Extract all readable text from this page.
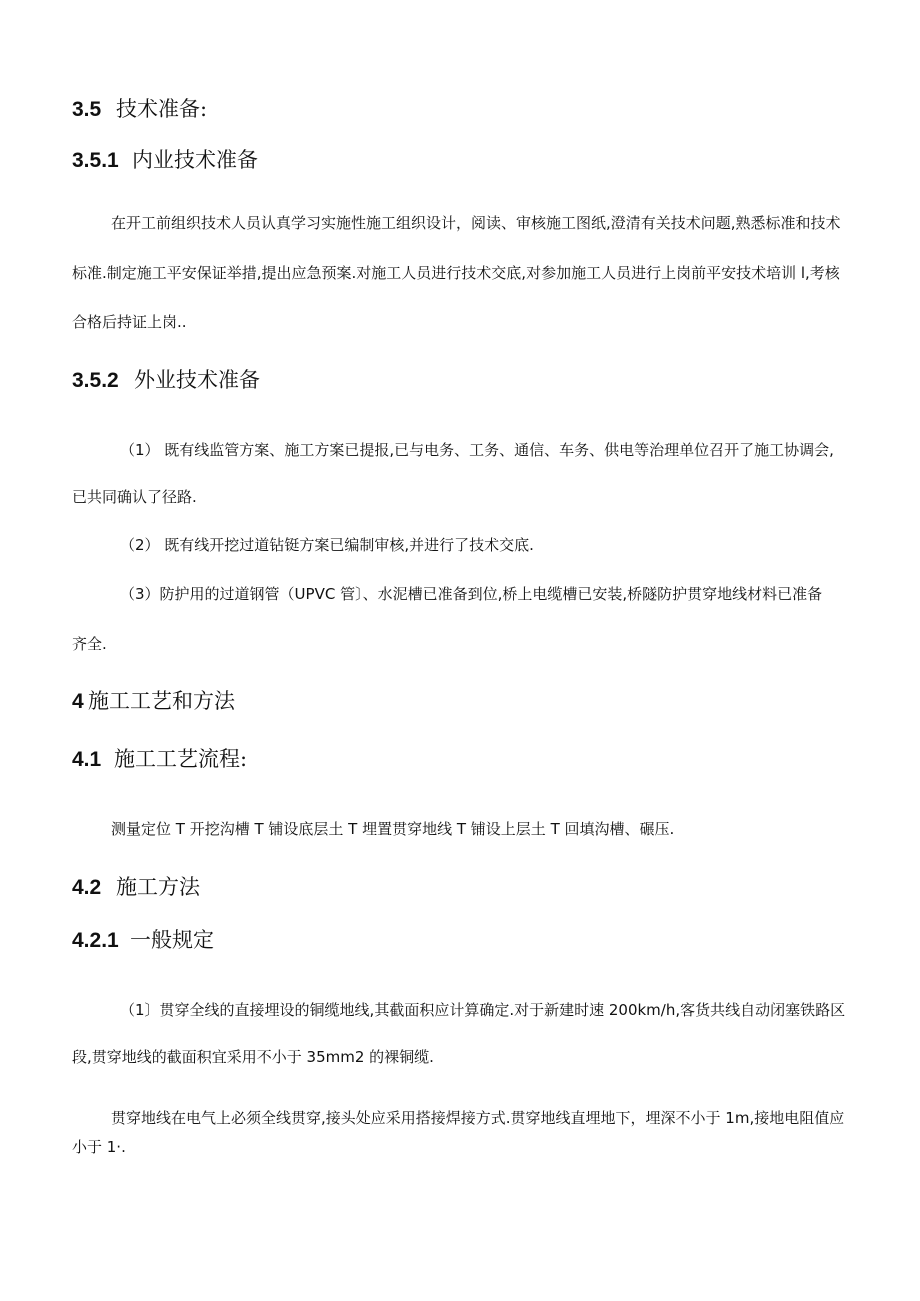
3.5 技术准备:
3.5.1 内业技术准备
在开工前组织技术人员认真学习实施性施工组织设计，阅读、审核施工图纸,澄清有关技术问题,熟悉标准和技术
标准.制定施工平安保证举措,提出应急预案.对施工人员进行技术交底,对参加施工人员进行上岗前平安技术培训 l,考核
合格后持证上岗..
3.5.2 外业技术准备
（1） 既有线监管方案、施工方案已提报,已与电务、工务、通信、车务、供电等治理单位召开了施工协调会,
已共同确认了径路.
（2） 既有线开挖过道钻铤方案已编制审核,并进行了技术交底.
（3）防护用的过道钢管（UPVC 管〕、水泥槽已准备到位,桥上电缆槽已安装,桥隧防护贯穿地线材料已准备
齐全.
4 施工工艺和方法
4.1 施工工艺流程:
测量定位 T 开挖沟槽 T 铺设底层土 T 埋置贯穿地线 T 铺设上层土 T 回填沟槽、碾压.
4.2 施工方法
4.2.1 一般规定
（1〕贯穿全线的直接埋设的铜缆地线,其截面积应计算确定.对于新建时速 200km∕h,客货共线自动闭塞铁路区
段,贯穿地线的截面积宜采用不小于 35mm2 的裸铜缆.
贯穿地线在电气上必须全线贯穿,接头处应采用搭接焊接方式.贯穿地线直埋地下，埋深不小于 1m,接地电阻值应
小于 1·.
